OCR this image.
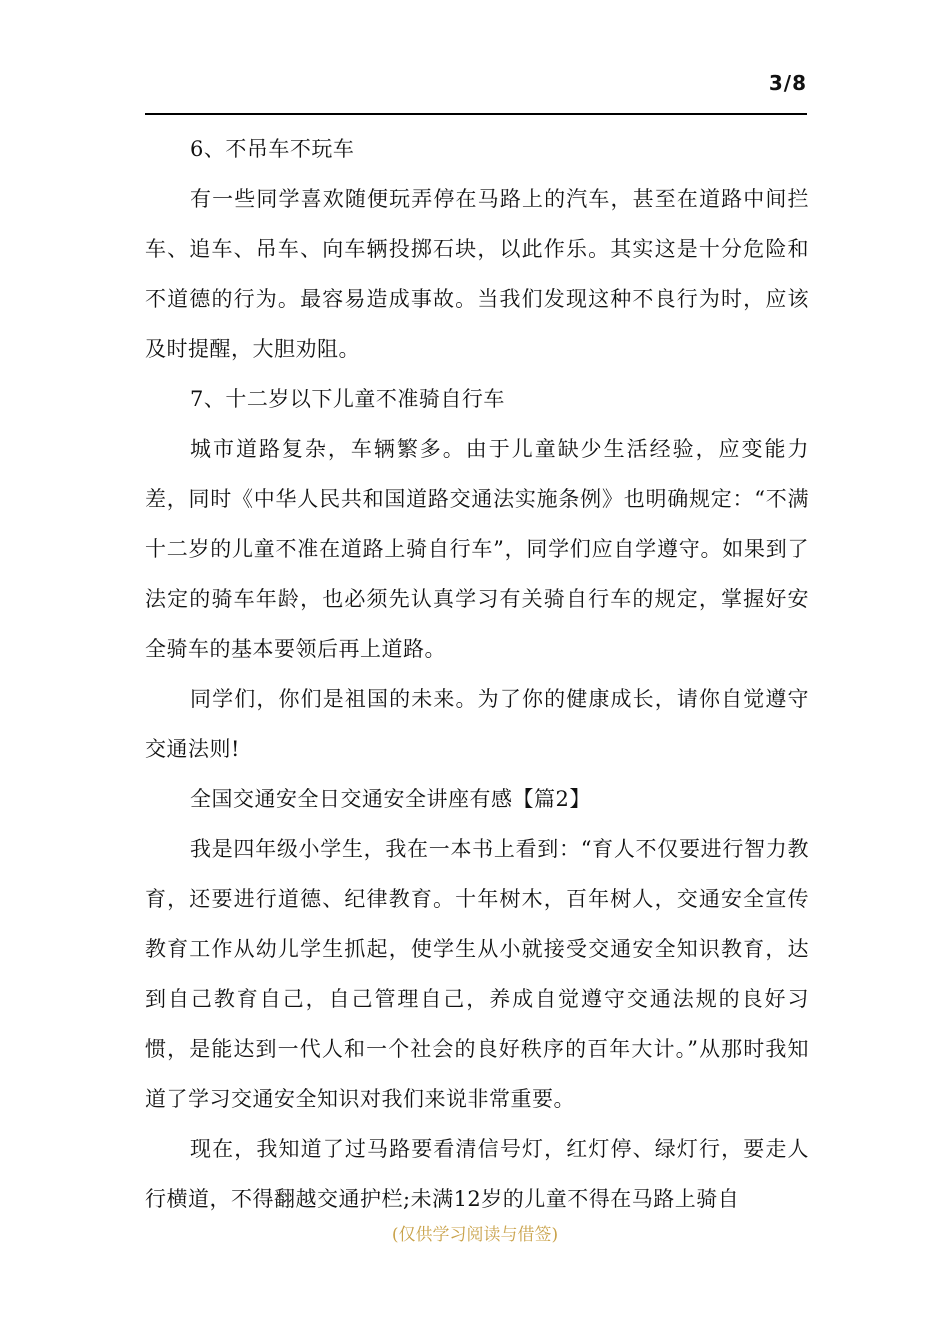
3/8

6、不吊车不玩车

有一些同学喜欢随便玩弄停在马路上的汽车，甚至在道路中间拦车、追车、吊车、向车辆投掷石块，以此作乐。其实这是十分危险和不道德的行为。最容易造成事故。当我们发现这种不良行为时，应该及时提醒，大胆劝阻。

7、十二岁以下儿童不准骑自行车

城市道路复杂，车辆繁多。由于儿童缺少生活经验，应变能力差，同时《中华人民共和国道路交通法实施条例》也明确规定：“不满十二岁的儿童不准在道路上骑自行车”，同学们应自学遵守。如果到了法定的骑车年龄，也必须先认真学习有关骑自行车的规定，掌握好安全骑车的基本要领后再上道路。

同学们，你们是祖国的未来。为了你的健康成长，请你自觉遵守交通法则!

全国交通安全日交通安全讲座有感【篇2】

我是四年级小学生，我在一本书上看到：“育人不仅要进行智力教育，还要进行道德、纪律教育。十年树木，百年树人，交通安全宣传教育工作从幼儿学生抓起，使学生从小就接受交通安全知识教育，达到自己教育自己，自己管理自己，养成自觉遵守交通法规的良好习惯，是能达到一代人和一个社会的良好秩序的百年大计。”从那时我知道了学习交通安全知识对我们来说非常重要。

现在，我知道了过马路要看清信号灯，红灯停、绿灯行，要走人行横道，不得翻越交通护栏;未满12岁的儿童不得在马路上骑自

(仅供学习阅读与借签)
